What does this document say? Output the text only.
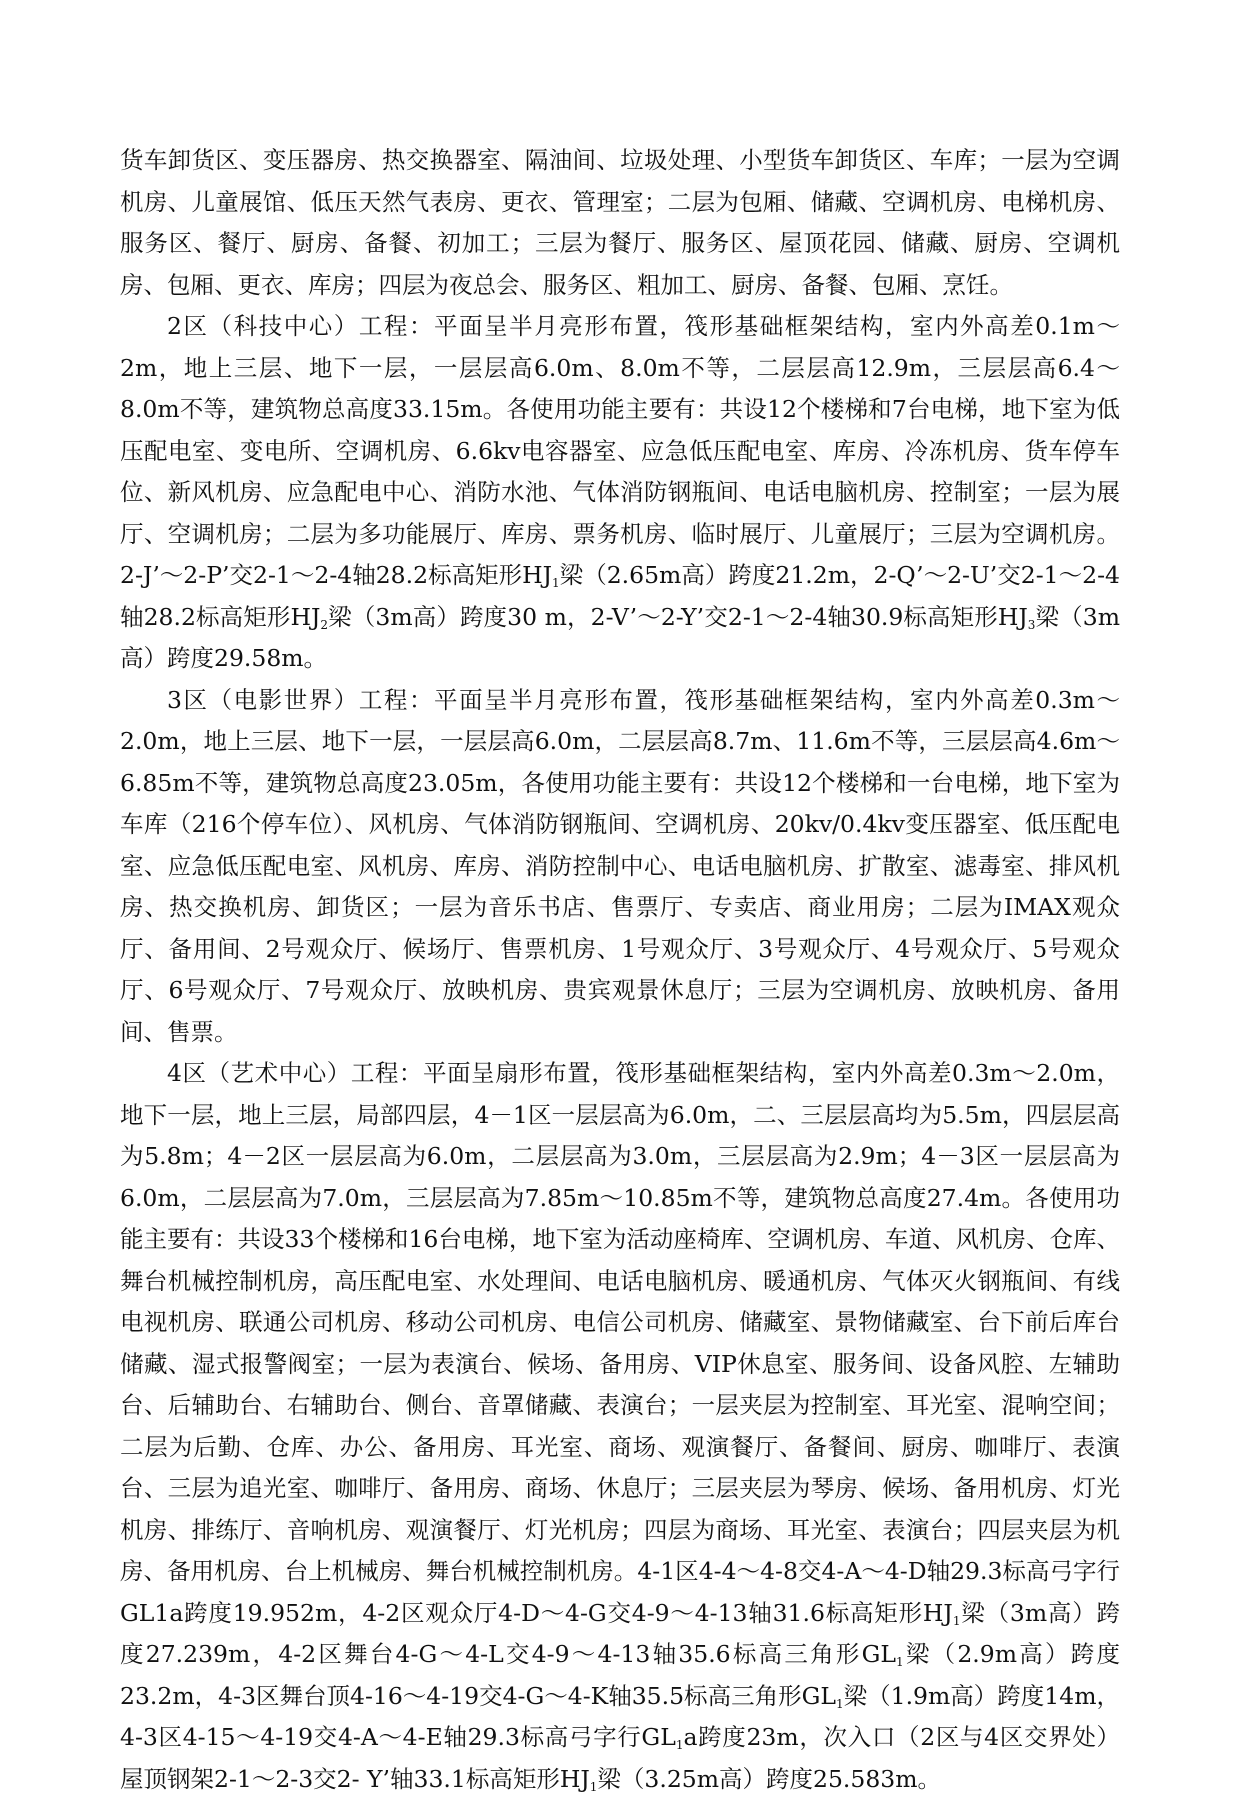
货车卸货区、变压器房、热交换器室、隔油间、垃圾处理、小型货车卸货区、车库；一层为空调机房、儿童展馆、低压天然气表房、更衣、管理室；二层为包厢、储藏、空调机房、电梯机房、服务区、餐厅、厨房、备餐、初加工；三层为餐厅、服务区、屋顶花园、储藏、厨房、空调机房、包厢、更衣、库房；四层为夜总会、服务区、粗加工、厨房、备餐、包厢、烹饪。

2区（科技中心）工程：平面呈半月亮形布置，筏形基础框架结构，室内外高差0.1m～2m，地上三层、地下一层，一层层高6.0m、8.0m不等，二层层高12.9m，三层层高6.4～8.0m不等，建筑物总高度33.15m。各使用功能主要有：共设12个楼梯和7台电梯，地下室为低压配电室、变电所、空调机房、6.6kv电容器室、应急低压配电室、库房、冷冻机房、货车停车位、新风机房、应急配电中心、消防水池、气体消防钢瓶间、电话电脑机房、控制室；一层为展厅、空调机房；二层为多功能展厅、库房、票务机房、临时展厅、儿童展厅；三层为空调机房。2-J’～2-P’交2-1～2-4轴28.2标高矩形$HJ_1$梁（2.65m高）跨度21.2m，2-Q’～2-U’交2-1～2-4轴28.2标高矩形$HJ_2$梁（3m高）跨度30 m，2-V’～2-Y’交2-1～2-4轴30.9标高矩形$HJ_3$梁（3m高）跨度29.58m。

3区（电影世界）工程：平面呈半月亮形布置，筏形基础框架结构，室内外高差0.3m～2.0m，地上三层、地下一层，一层层高6.0m，二层层高8.7m、11.6m不等，三层层高4.6m～6.85m不等，建筑物总高度23.05m，各使用功能主要有：共设12个楼梯和一台电梯，地下室为车库（216个停车位）、风机房、气体消防钢瓶间、空调机房、20kv/0.4kv变压器室、低压配电室、应急低压配电室、风机房、库房、消防控制中心、电话电脑机房、扩散室、滤毒室、排风机房、热交换机房、卸货区；一层为音乐书店、售票厅、专卖店、商业用房；二层为IMAX观众厅、备用间、2号观众厅、候场厅、售票机房、1号观众厅、3号观众厅、4号观众厅、5号观众厅、6号观众厅、7号观众厅、放映机房、贵宾观景休息厅；三层为空调机房、放映机房、备用间、售票。

4区（艺术中心）工程：平面呈扇形布置，筏形基础框架结构，室内外高差0.3m～2.0m，地下一层，地上三层，局部四层，4－1区一层层高为6.0m，二、三层层高均为5.5m，四层层高为5.8m；4－2区一层层高为6.0m，二层层高为3.0m，三层层高为2.9m；4－3区一层层高为6.0m，二层层高为7.0m，三层层高为7.85m～10.85m不等，建筑物总高度27.4m。各使用功能主要有：共设33个楼梯和16台电梯，地下室为活动座椅库、空调机房、车道、风机房、仓库、舞台机械控制机房，高压配电室、水处理间、电话电脑机房、暖通机房、气体灭火钢瓶间、有线电视机房、联通公司机房、移动公司机房、电信公司机房、储藏室、景物储藏室、台下前后库台储藏、湿式报警阀室；一层为表演台、候场、备用房、VIP休息室、服务间、设备风腔、左辅助台、后辅助台、右辅助台、侧台、音罩储藏、表演台；一层夹层为控制室、耳光室、混响空间；二层为后勤、仓库、办公、备用房、耳光室、商场、观演餐厅、备餐间、厨房、咖啡厅、表演台、三层为追光室、咖啡厅、备用房、商场、休息厅；三层夹层为琴房、候场、备用机房、灯光机房、排练厅、音响机房、观演餐厅、灯光机房；四层为商场、耳光室、表演台；四层夹层为机房、备用机房、台上机械房、舞台机械控制机房。4-1区4-4～4-8交4-A～4-D轴29.3标高弓字行GL1a跨度19.952m，4-2区观众厅4-D～4-G交4-9～4-13轴31.6标高矩形$HJ_1$梁（3m高）跨度27.239m，4-2区舞台4-G～4-L交4-9～4-13轴35.6标高三角形$GL_1$梁（2.9m高）跨度23.2m，4-3区舞台顶4-16～4-19交4-G～4-K轴35.5标高三角形$GL_1$梁（1.9m高）跨度14m，4-3区4-15～4-19交4-A～4-E轴29.3标高弓字行$GL_1a$跨度23m，次入口（2区与4区交界处）屋顶钢架2-1～2-3交2- Y’轴33.1标高矩形$HJ_1$梁（3.25m高）跨度25.583m。
